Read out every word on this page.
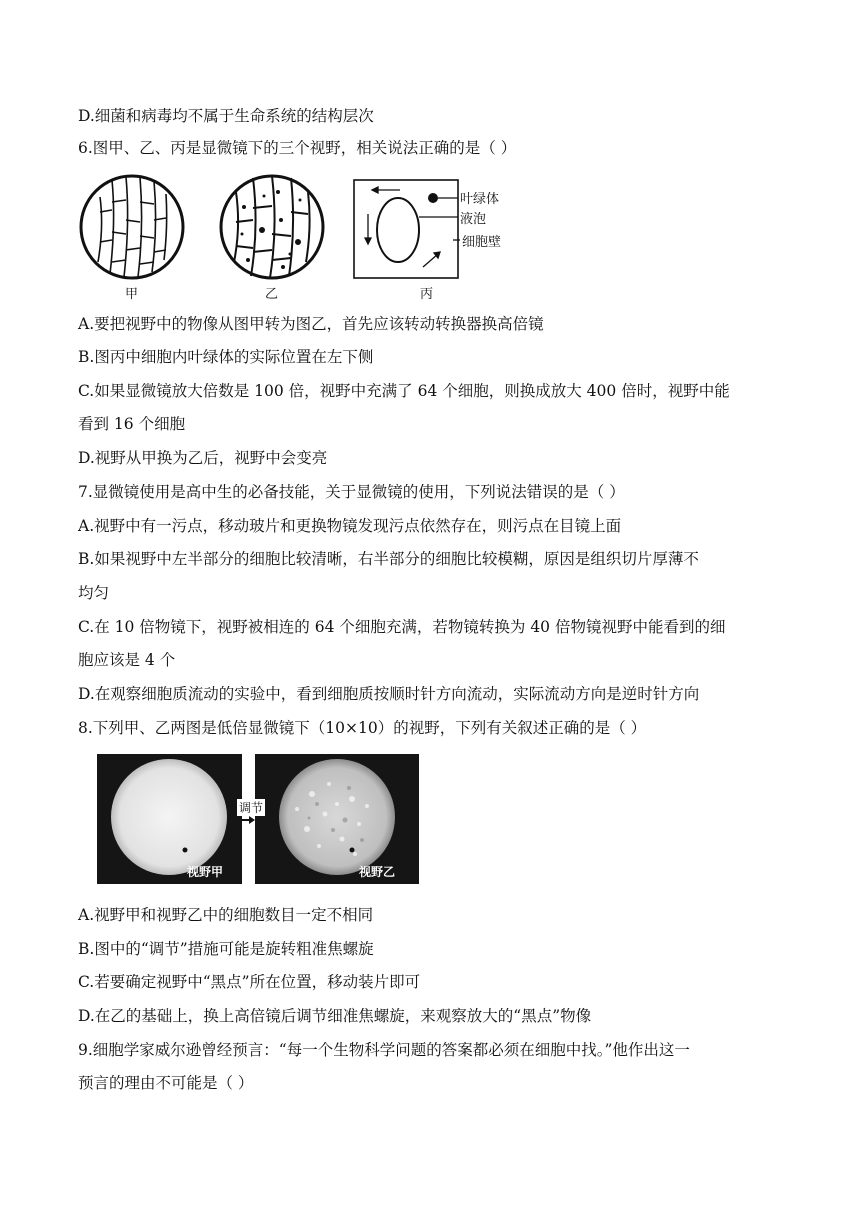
D.细菌和病毒均不属于生命系统的结构层次
6.图甲、乙、丙是显微镜下的三个视野，相关说法正确的是（ ）
甲	乙	丙
叶绿体
液泡
细胞壁
A.要把视野中的物像从图甲转为图乙，首先应该转动转换器换高倍镜
B.图丙中细胞内叶绿体的实际位置在左下侧
C.如果显微镜放大倍数是 100 倍，视野中充满了 64 个细胞，则换成放大 400 倍时，视野中能
看到 16 个细胞
D.视野从甲换为乙后，视野中会变亮
7.显微镜使用是高中生的必备技能，关于显微镜的使用，下列说法错误的是（ ）
A.视野中有一污点，移动玻片和更换物镜发现污点依然存在，则污点在目镜上面
B.如果视野中左半部分的细胞比较清晰，右半部分的细胞比较模糊，原因是组织切片厚薄不
均匀
C.在 10 倍物镜下，视野被相连的 64 个细胞充满，若物镜转换为 40 倍物镜视野中能看到的细
胞应该是 4 个
D.在观察细胞质流动的实验中，看到细胞质按顺时针方向流动，实际流动方向是逆时针方向
8.下列甲、乙两图是低倍显微镜下（10×10）的视野，下列有关叙述正确的是（ ）
调节
视野甲	视野乙
A.视野甲和视野乙中的细胞数目一定不相同
B.图中的“调节”措施可能是旋转粗准焦螺旋
C.若要确定视野中“黑点”所在位置，移动装片即可
D.在乙的基础上，换上高倍镜后调节细准焦螺旋，来观察放大的“黑点”物像
9.细胞学家威尔逊曾经预言：“每一个生物科学问题的答案都必须在细胞中找。”他作出这一
预言的理由不可能是（ ）
